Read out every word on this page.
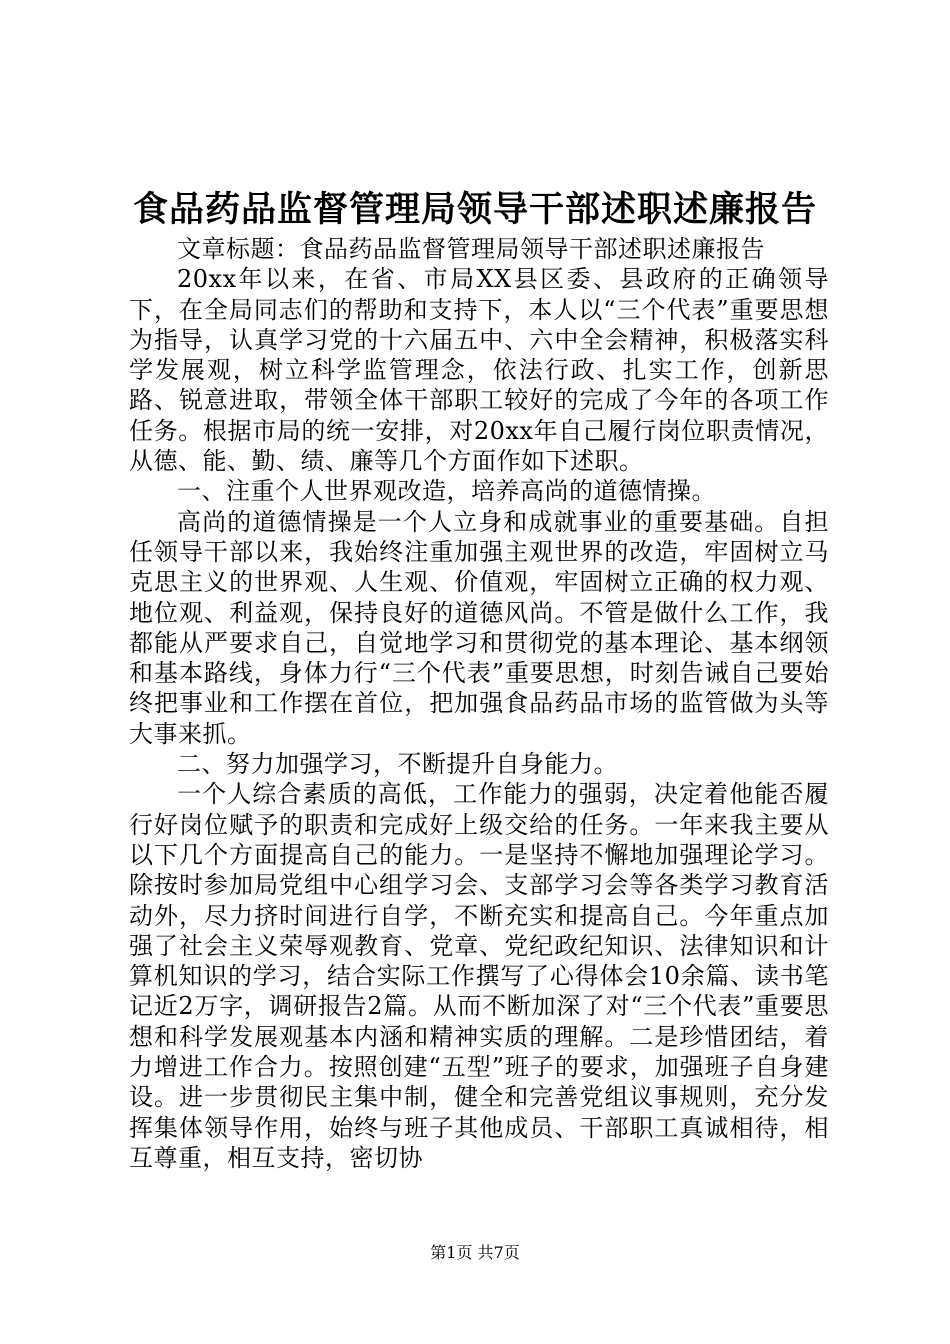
食品药品监督管理局领导干部述职述廉报告

文章标题：食品药品监督管理局领导干部述职述廉报告

20xx年以来，在省、市局XX县区委、县政府的正确领导下，在全局同志们的帮助和支持下，本人以“三个代表”重要思想为指导，认真学习党的十六届五中、六中全会精神，积极落实科学发展观，树立科学监管理念，依法行政、扎实工作，创新思路、锐意进取，带领全体干部职工较好的完成了今年的各项工作任务。根据市局的统一安排，对20xx年自己履行岗位职责情况，从德、能、勤、绩、廉等几个方面作如下述职。

一、注重个人世界观改造，培养高尚的道德情操。

高尚的道德情操是一个人立身和成就事业的重要基础。自担任领导干部以来，我始终注重加强主观世界的改造，牢固树立马克思主义的世界观、人生观、价值观，牢固树立正确的权力观、地位观、利益观，保持良好的道德风尚。不管是做什么工作，我都能从严要求自己，自觉地学习和贯彻党的基本理论、基本纲领和基本路线，身体力行“三个代表”重要思想，时刻告诫自己要始终把事业和工作摆在首位，把加强食品药品市场的监管做为头等大事来抓。

二、努力加强学习，不断提升自身能力。

一个人综合素质的高低，工作能力的强弱，决定着他能否履行好岗位赋予的职责和完成好上级交给的任务。一年来我主要从以下几个方面提高自己的能力。一是坚持不懈地加强理论学习。除按时参加局党组中心组学习会、支部学习会等各类学习教育活动外，尽力挤时间进行自学，不断充实和提高自己。今年重点加强了社会主义荣辱观教育、党章、党纪政纪知识、法律知识和计算机知识的学习，结合实际工作撰写了心得体会10余篇、读书笔记近2万字，调研报告2篇。从而不断加深了对“三个代表”重要思想和科学发展观基本内涵和精神实质的理解。二是珍惜团结，着力增进工作合力。按照创建“五型”班子的要求，加强班子自身建设。进一步贯彻民主集中制，健全和完善党组议事规则，充分发挥集体领导作用，始终与班子其他成员、干部职工真诚相待，相互尊重，相互支持，密切协

第1页 共7页
